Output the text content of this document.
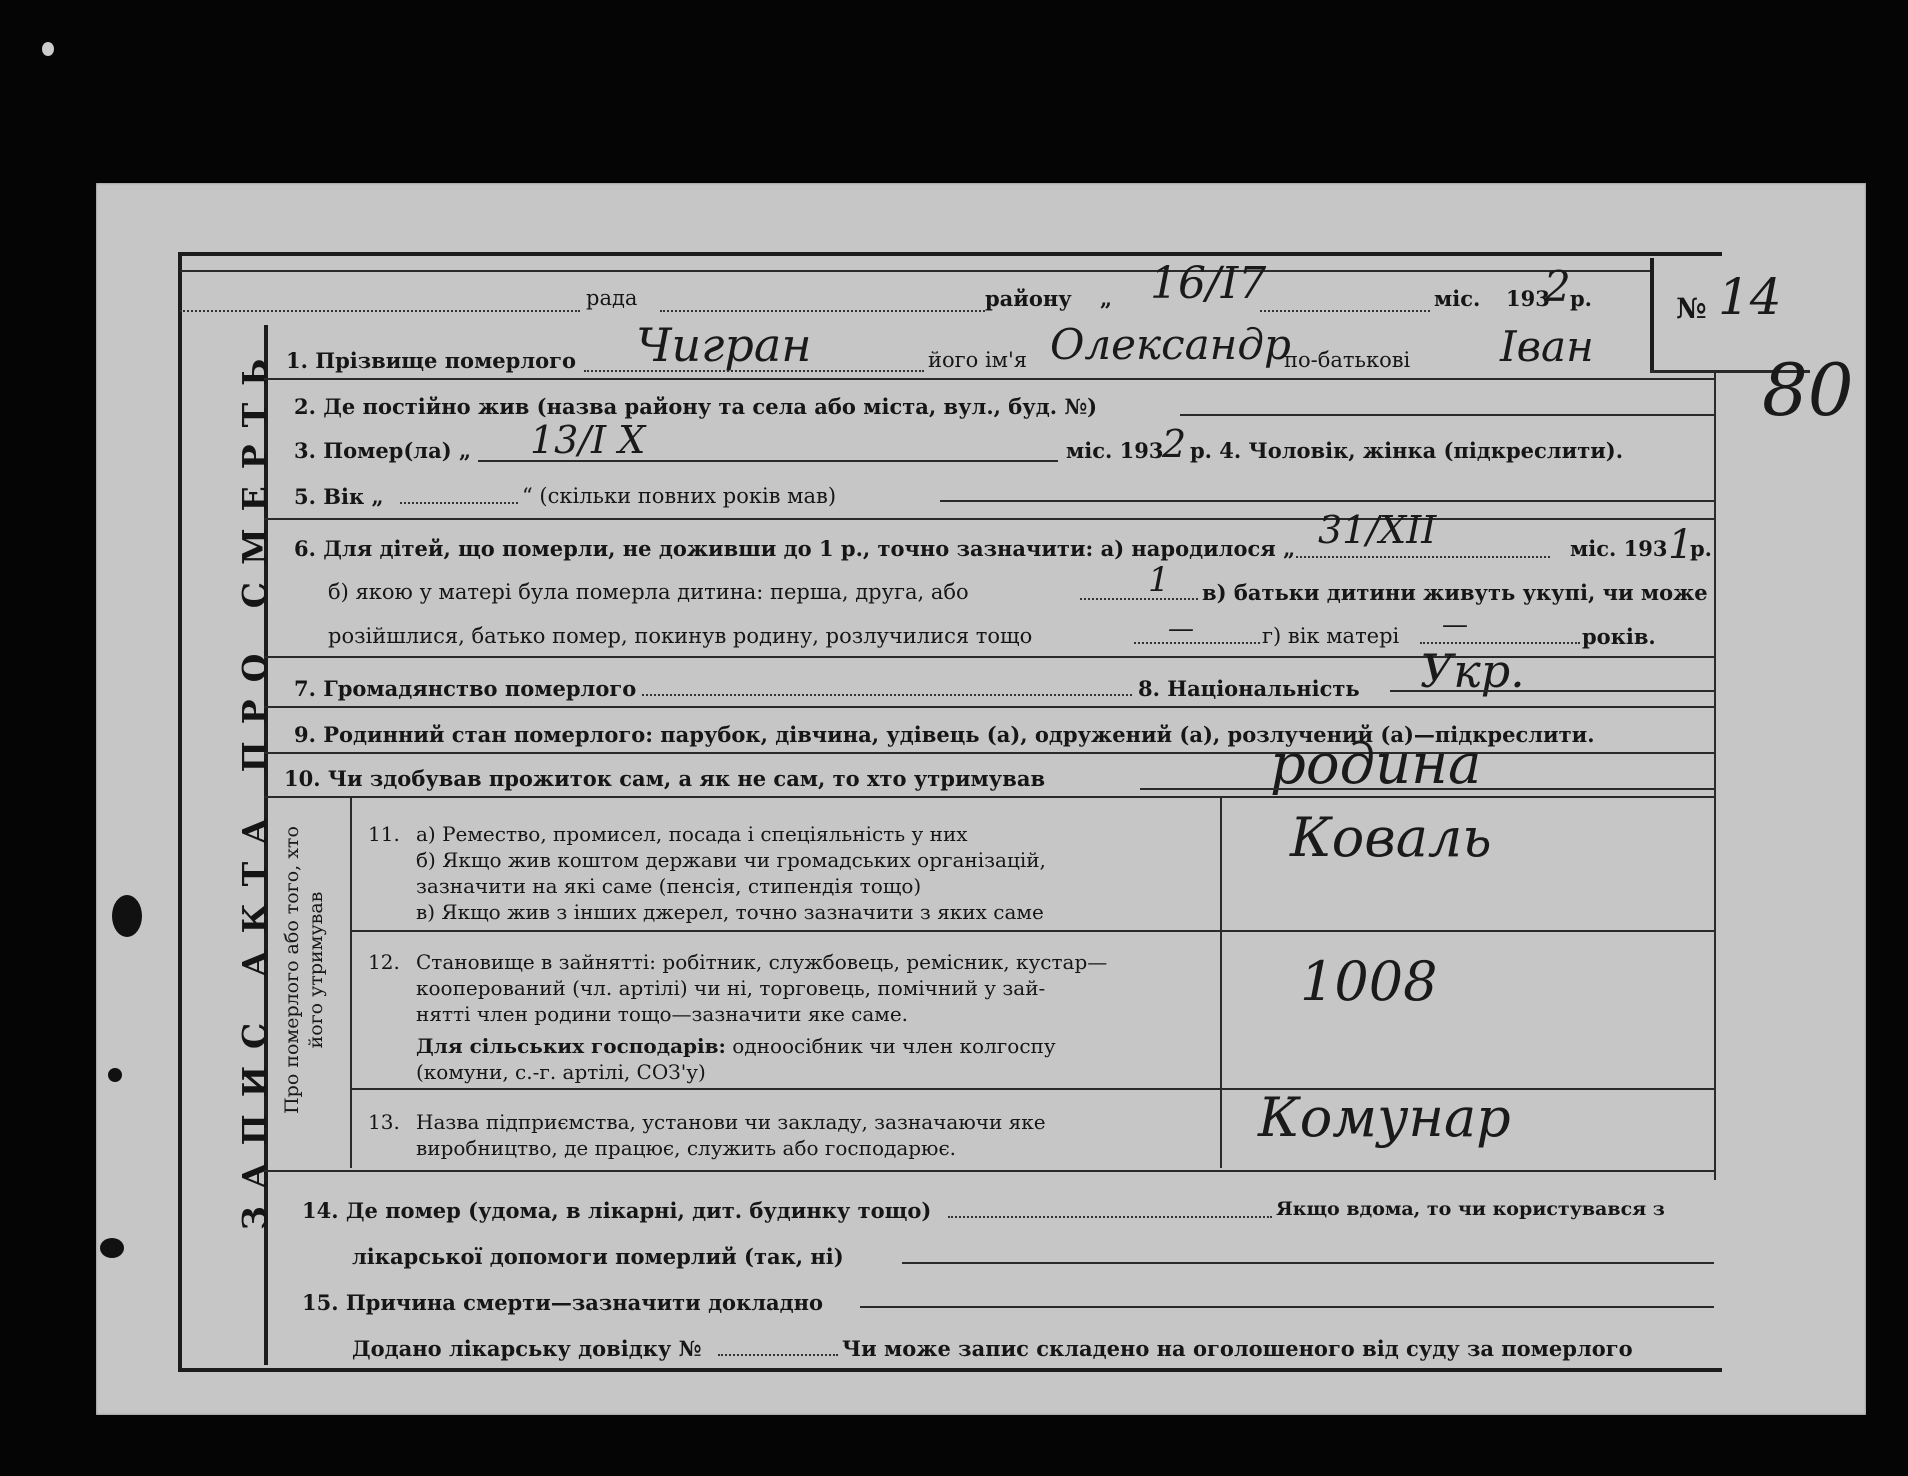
ЗАПИС АКТА ПРО СМЕРТЬ
рада	району „ 16/I7	міс. 193
2 р.	№ 14
80
1. Прізвище померлого Чигран	його ім'я Олександр
по-батькові Іван
2. Де постійно жив (назва району та села або міста, вул., буд. №)
3. Помер(ла) „ 13/I X	міс. 193
2 р. 4. Чоловік, жінка (підкреслити).
5. Вік „	“ (скільки повних років мав)
6. Для дітей, що померли, не доживши до 1 р., точно зазначити: а) народилося „ 31/XII	міс. 193 1
р.
б) якою у матері була померла дитина: перша, друга, або	1 в) батьки дитини живуть укупі, чи може
розійшлися, батько помер, покинув родину, розлучилися тощо	—	г) вік матері —	років.
7. Громадянство померлого	8. Національність Укр.
9. Родинний стан померлого: парубок, дівчина, удівець (а), одружений (а), розлучений (а)—підкреслити.
10. Чи здобував прожиток сам, а як не сам, то хто утримував	родина
Про померлого або того, хто його утримував
11. а) Ремество, промисел, посада і спеціяльність у них
б) Якщо жив коштом держави чи громадських організацій,
зазначити на які саме (пенсія, стипендія тощо)
в) Якщо жив з інших джерел, точно зазначити з яких саме
Коваль
12. Становище в зайнятті: робітник, службовець, ремісник, кустар—
кооперований (чл. артілі) чи ні, торговець, помічний у зай-
нятті член родини тощо—зазначити яке саме.
Для сільських господарів: одноосібник чи член колгоспу
(комуни, с.-г. артілі, СОЗ'у)
1008
13. Назва підприємства, установи чи закладу, зазначаючи яке
виробництво, де працює, служить або господарює.	Комунар
14. Де помер (удома, в лікарні, дит. будинку тощо)	Якщо вдома, то чи користувався з
лікарської допомоги померлий (так, ні)
15. Причина смерти—зазначити докладно
Додано лікарську довідку №	Чи може запис складено на оголошеного від суду за померлого
